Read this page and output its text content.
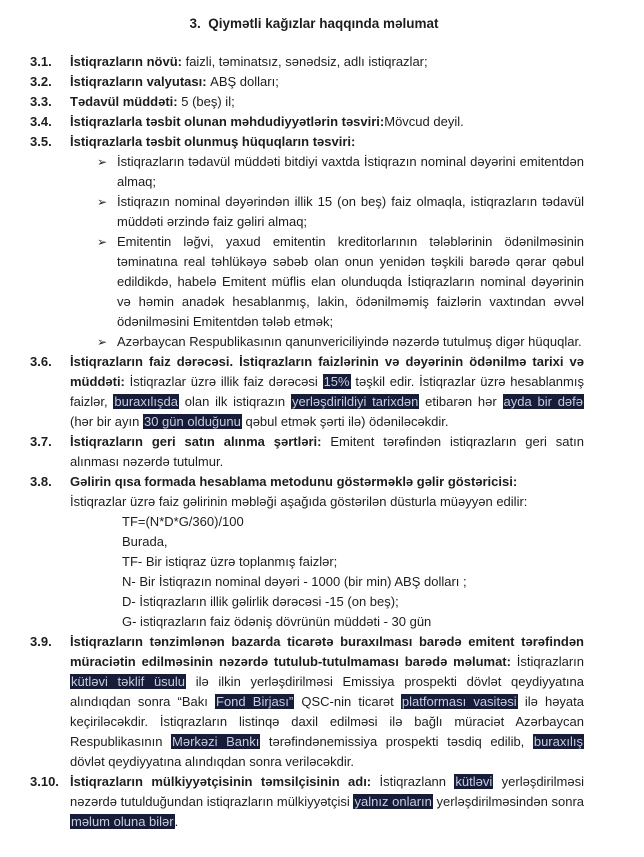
3.  Qiymətli kağızlar haqqında məlumat
3.1.	İstiqrazların növü: faizli, təminatsız, sənədsiz, adlı istiqrazlar;
3.2.	İstiqrazların valyutası: ABŞ dolları;
3.3.	Tədavül müddəti: 5 (beş) il;
3.4.	İstiqrazlarla təsbit olunan məhdudiyyətlərin təsviri:Mövcud deyil.
3.5.	İstiqrazlarla təsbit olunmuş hüquqların təsviri:
➢ İstiqrazların tədavül müddəti bitdiyi vaxtda İstiqrazın nominal dəyərini emitentdən almaq;
➢ İstiqrazın nominal dəyərindən illik 15 (on beş) faiz olmaqla, istiqrazların tədavül müddəti ərzində faiz gəliri almaq;
➢ Emitentin ləğvi, yaxud emitentin kreditorlarının tələblərinin ödənilməsinin təminatına real təhlükəyə səbəb olan onun yenidən təşkili barədə qərar qəbul edildikdə, habelə Emitent müflis elan olunduqda İstiqrazların nominal dəyərinin və həmin anadək hesablanmış, lakin, ödənilməmiş faizlərin vaxtından əvvəl ödənilməsini Emitentdən tələb etmək;
➢ Azərbaycan Respublikasının qanunvericiliyində nəzərdə tutulmuş digər hüquqlar.
3.6.	İstiqrazların faiz dərəcəsi. İstiqrazların faizlərinin və dəyərinin ödənilmə tarixi və müddəti: İstiqrazlar üzrə illik faiz dərəcəsi 15% təşkil edir. İstiqrazlar üzrə hesablanmış faizlər, buraxılışda olan ilk istiqrazın yerləşdirildiyi tarixdən etibarən hər ayda bir dəfə (hər bir ayın 30 gün olduğunu qəbul etmək şərti ilə) ödəniləcəkdir.
3.7.	İstiqrazların geri satın alınma şərtləri: Emitent tərəfindən istiqrazların geri satın alınması nəzərdə tutulmur.
3.8.	Gəlirin qısa formada hesablama metodunu göstərməklə gəlir göstəricisi:
İstiqrazlar üzrə faiz gəlirinin məbləği aşağıda göstərilən düsturla müəyyən edilir:
TF=(N*D*G/360)/100
Burada,
TF- Bir istiqraz üzrə toplanmış faizlər;
N- Bir İstiqrazın nominal dəyəri - 1000 (bir min) ABŞ dolları ;
D- İstiqrazların illik gəlirlik dərəcəsi -15 (on beş);
G- istiqrazların faiz ödəniş dövrünün müddəti - 30 gün
3.9.	İstiqrazların tənzimlənən bazarda ticarətə buraxılması barədə emitent tərəfindən müraciətin edilməsinin nəzərdə tutulub-tutulmaması barədə məlumat: İstiqrazların kütləvi təklif üsulu ilə ilkin yerləşdirilməsi Emissiya prospekti dövlət qeydiyyatına alındıqdan sonra “Bakı Fond Birjası” QSC-nin ticarət platforması vasitəsi ilə həyata keçiriləcəkdir. İstiqrazların listinqə daxil edilməsi ilə bağlı müraciət Azərbaycan Respublikasının Mərkəzi Bankı tərəfindənemissiya prospekti təsdiq edilib, buraxılış dövlət qeydiyyatına alındıqdan sonra veriləcəkdir.
3.10. İstiqrazların mülkiyyətçisinin təmsilçisinin adı: İstiqrazlann kütləvi yerləşdirilməsi nəzərdə tutulduğundan istiqrazların mülkiyyətçisi yalnız onların yerləşdirilməsindən sonra məlum oluna bilər.
